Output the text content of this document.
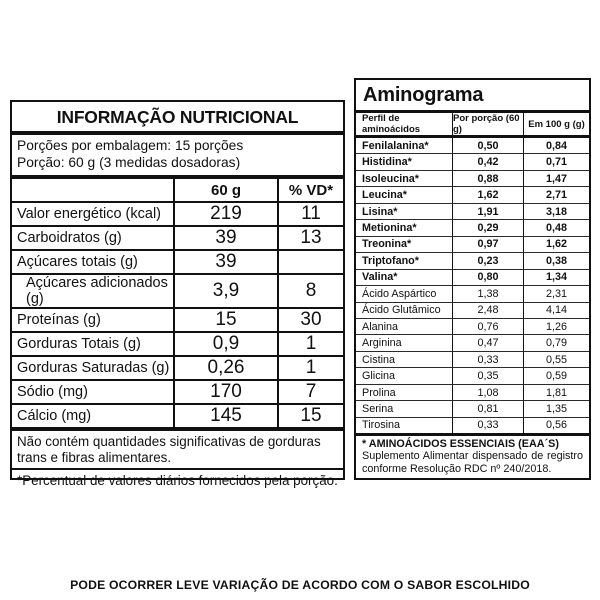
INFORMAÇÃO NUTRICIONAL
Porções por embalagem: 15 porções
Porção: 60 g (3 medidas dosadoras)
60 g	% VD*
Valor energético (kcal)	219	11
Carboidratos (g)	39	13
Açúcares totais (g)	39
Açúcares adicionados (g)	3,9	8
Proteínas (g)	15	30
Gorduras Totais (g)	0,9	1
Gorduras Saturadas (g)	0,26	1
Sódio (mg)	170	7
Cálcio (mg)	145	15
Não contém quantidades significativas de gorduras trans e fibras alimentares.
*Percentual de valores diários fornecidos pela porção.
Aminograma
Perfil de aminoácidos
Por porção (60 g)	Em 100 g (g)
Fenilalanina*	0,50	0,84
Histidina*	0,42	0,71
Isoleucina*	0,88	1,47
Leucina*	1,62	2,71
Lisina*	1,91	3,18
Metionina*	0,29	0,48
Treonina*	0,97	1,62
Triptofano*	0,23	0,38
Valina*	0,80	1,34
Ácido Aspártico	1,38	2,31
Ácido Glutâmico	2,48	4,14
Alanina	0,76	1,26
Arginina	0,47	0,79
Cistina	0,33	0,55
Glicina	0,35	0,59
Prolina	1,08	1,81
Serina	0,81	1,35
Tirosina	0,33	0,56
* AMINOÁCIDOS ESSENCIAIS (EAA´S)
Suplemento Alimentar dispensado de registro conforme Resolução RDC nº 240/2018.
PODE OCORRER LEVE VARIAÇÃO DE ACORDO COM O SABOR ESCOLHIDO
